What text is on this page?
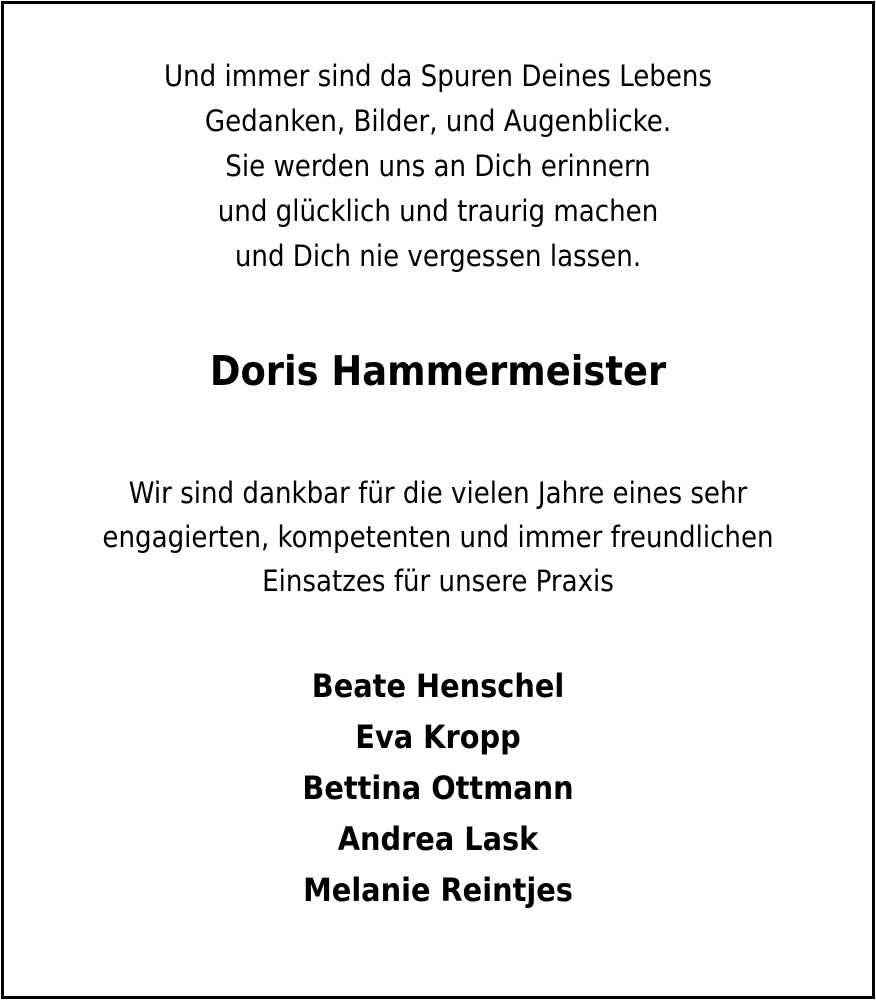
Und immer sind da Spuren Deines Lebens
Gedanken, Bilder, und Augenblicke.
Sie werden uns an Dich erinnern
und glücklich und traurig machen
und Dich nie vergessen lassen.
Doris Hammermeister
Wir sind dankbar für die vielen Jahre eines sehr
engagierten, kompetenten und immer freundlichen
Einsatzes für unsere Praxis
Beate Henschel
Eva Kropp
Bettina Ottmann
Andrea Lask
Melanie Reintjes
